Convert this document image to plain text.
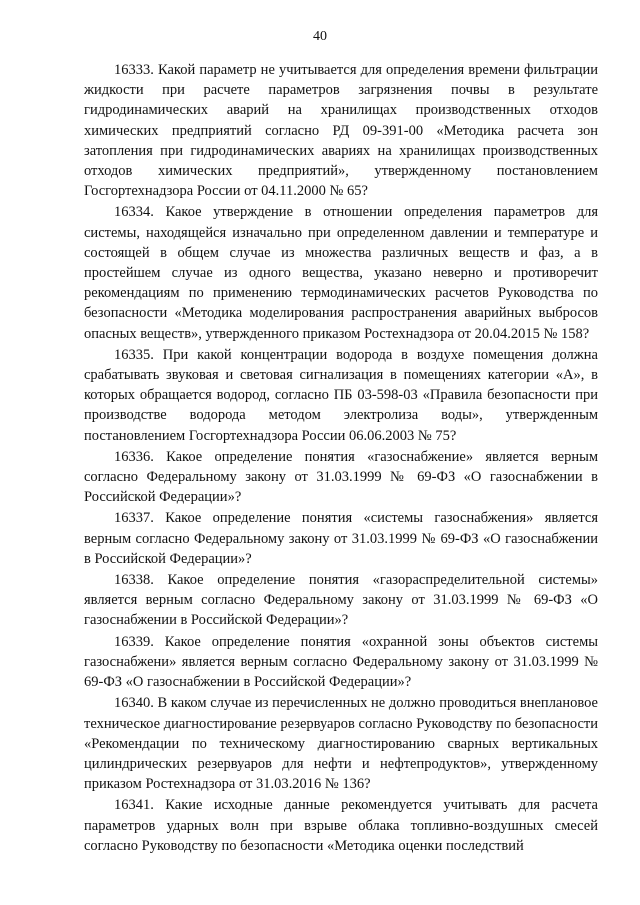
40

16333. Какой параметр не учитывается для определения времени фильтрации жидкости при расчете параметров загрязнения почвы в результате гидродинамических аварий на хранилищах производственных отходов химических предприятий согласно РД 09-391-00 «Методика расчета зон затопления при гидродинамических авариях на хранилищах производственных отходов химических предприятий», утвержденному постановлением Госгортехнадзора России от 04.11.2000 № 65?

16334. Какое утверждение в отношении определения параметров для системы, находящейся изначально при определенном давлении и температуре и состоящей в общем случае из множества различных веществ и фаз, а в простейшем случае из одного вещества, указано неверно и противоречит рекомендациям по применению термодинамических расчетов Руководства по безопасности «Методика моделирования распространения аварийных выбросов опасных веществ», утвержденного приказом Ростехнадзора от 20.04.2015 № 158?

16335. При какой концентрации водорода в воздухе помещения должна срабатывать звуковая и световая сигнализация в помещениях категории «А», в которых обращается водород, согласно ПБ 03-598-03 «Правила безопасности при производстве водорода методом электролиза воды», утвержденным постановлением Госгортехнадзора России 06.06.2003 № 75?

16336. Какое определение понятия «газоснабжение» является верным согласно Федеральному закону от 31.03.1999 № 69-ФЗ «О газоснабжении в Российской Федерации»?

16337. Какое определение понятия «системы газоснабжения» является верным согласно Федеральному закону от 31.03.1999 № 69-ФЗ «О газоснабжении в Российской Федерации»?

16338. Какое определение понятия «газораспределительной системы» является верным согласно Федеральному закону от 31.03.1999 № 69-ФЗ «О газоснабжении в Российской Федерации»?

16339. Какое определение понятия «охранной зоны объектов системы газоснабжени» является верным согласно Федеральному закону от 31.03.1999 № 69-ФЗ «О газоснабжении в Российской Федерации»?

16340. В каком случае из перечисленных не должно проводиться внеплановое техническое диагностирование резервуаров согласно Руководству по безопасности «Рекомендации по техническому диагностированию сварных вертикальных цилиндрических резервуаров для нефти и нефтепродуктов», утвержденному приказом Ростехнадзора от 31.03.2016 № 136?

16341. Какие исходные данные рекомендуется учитывать для расчета параметров ударных волн при взрыве облака топливно-воздушных смесей согласно Руководству по безопасности «Методика оценки последствий
